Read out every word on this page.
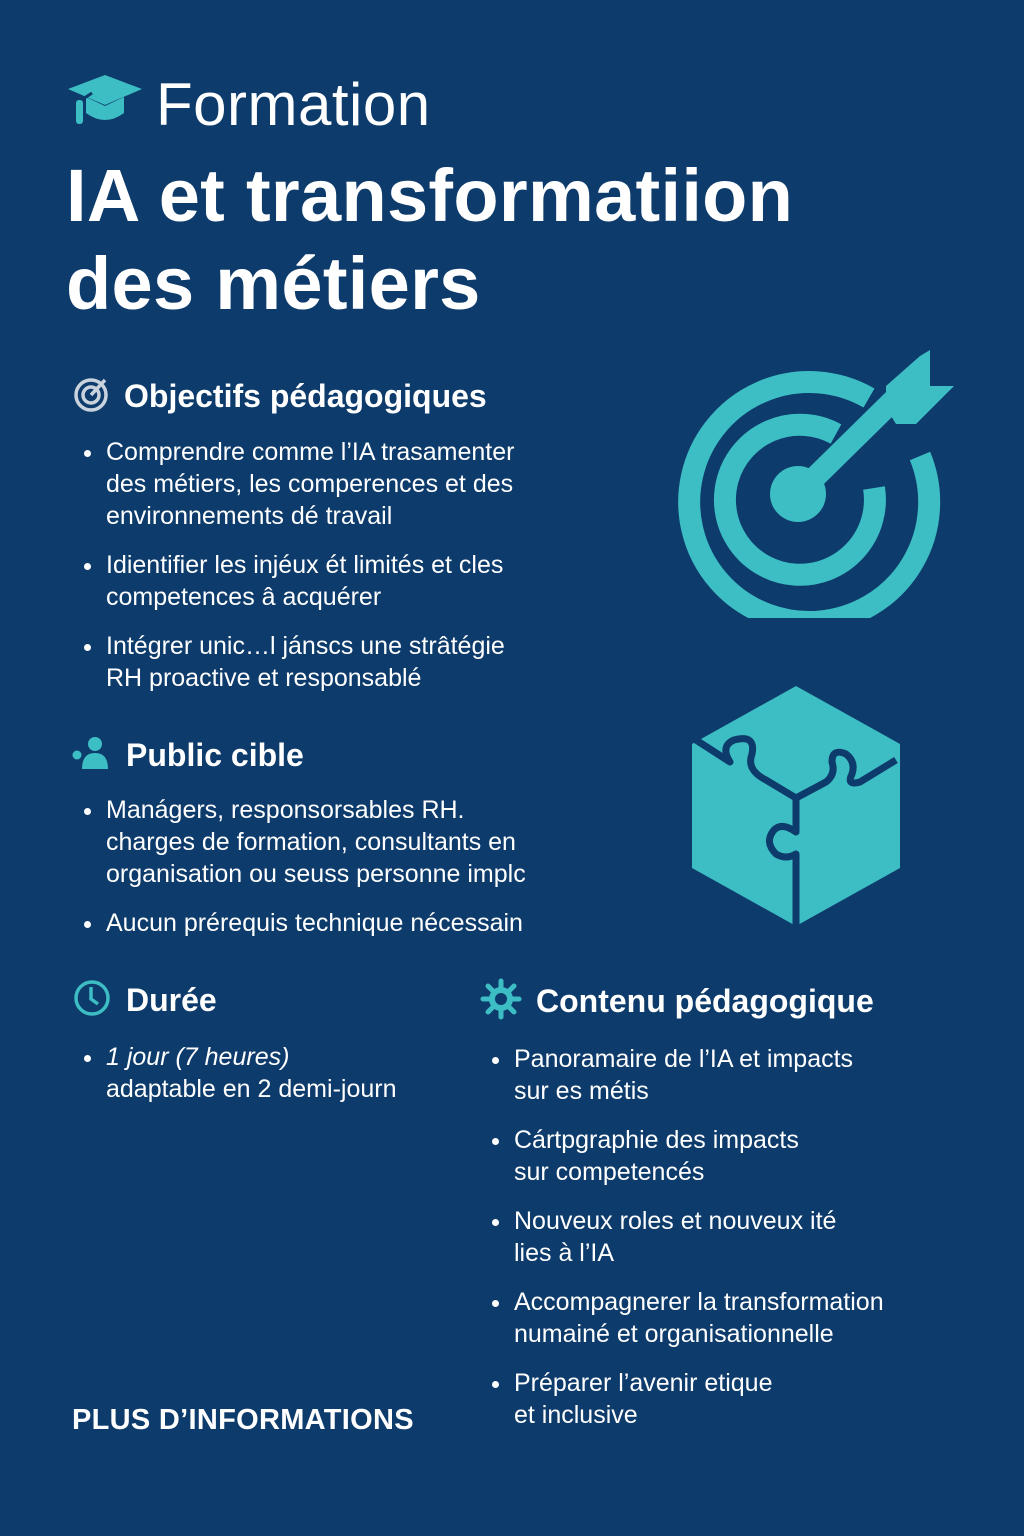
Formation
IA et transformatiion
des métiers
Objectifs pédagogiques
Comprendre comme l’IA trasamenter
des métiers, les comperences et des
environnements dé travail
Idientifier les injéux ét limités et cles
competences â acquérer
Intégrer unic…l jánscs une strâtégie
RH proactive et responsablé
Public cible
Manágers, responsorsables RH.
charges de formation, consultants en
organisation ou seuss personne implc
Aucun prérequis technique nécessain
Durée
1 jour (7 heures)
adaptable en 2 demi-journ
Contenu pédagogique
Panoramaire de l’IA et impacts
sur es métis
Cártpgraphie des impacts
sur competencés
Nouveux roles et nouveux ité
lies à l’IA
Accompagnerer la transformation
numainé et organisationnelle
Préparer l’avenir etique
et inclusive
PLUS D’INFORMATIONS
